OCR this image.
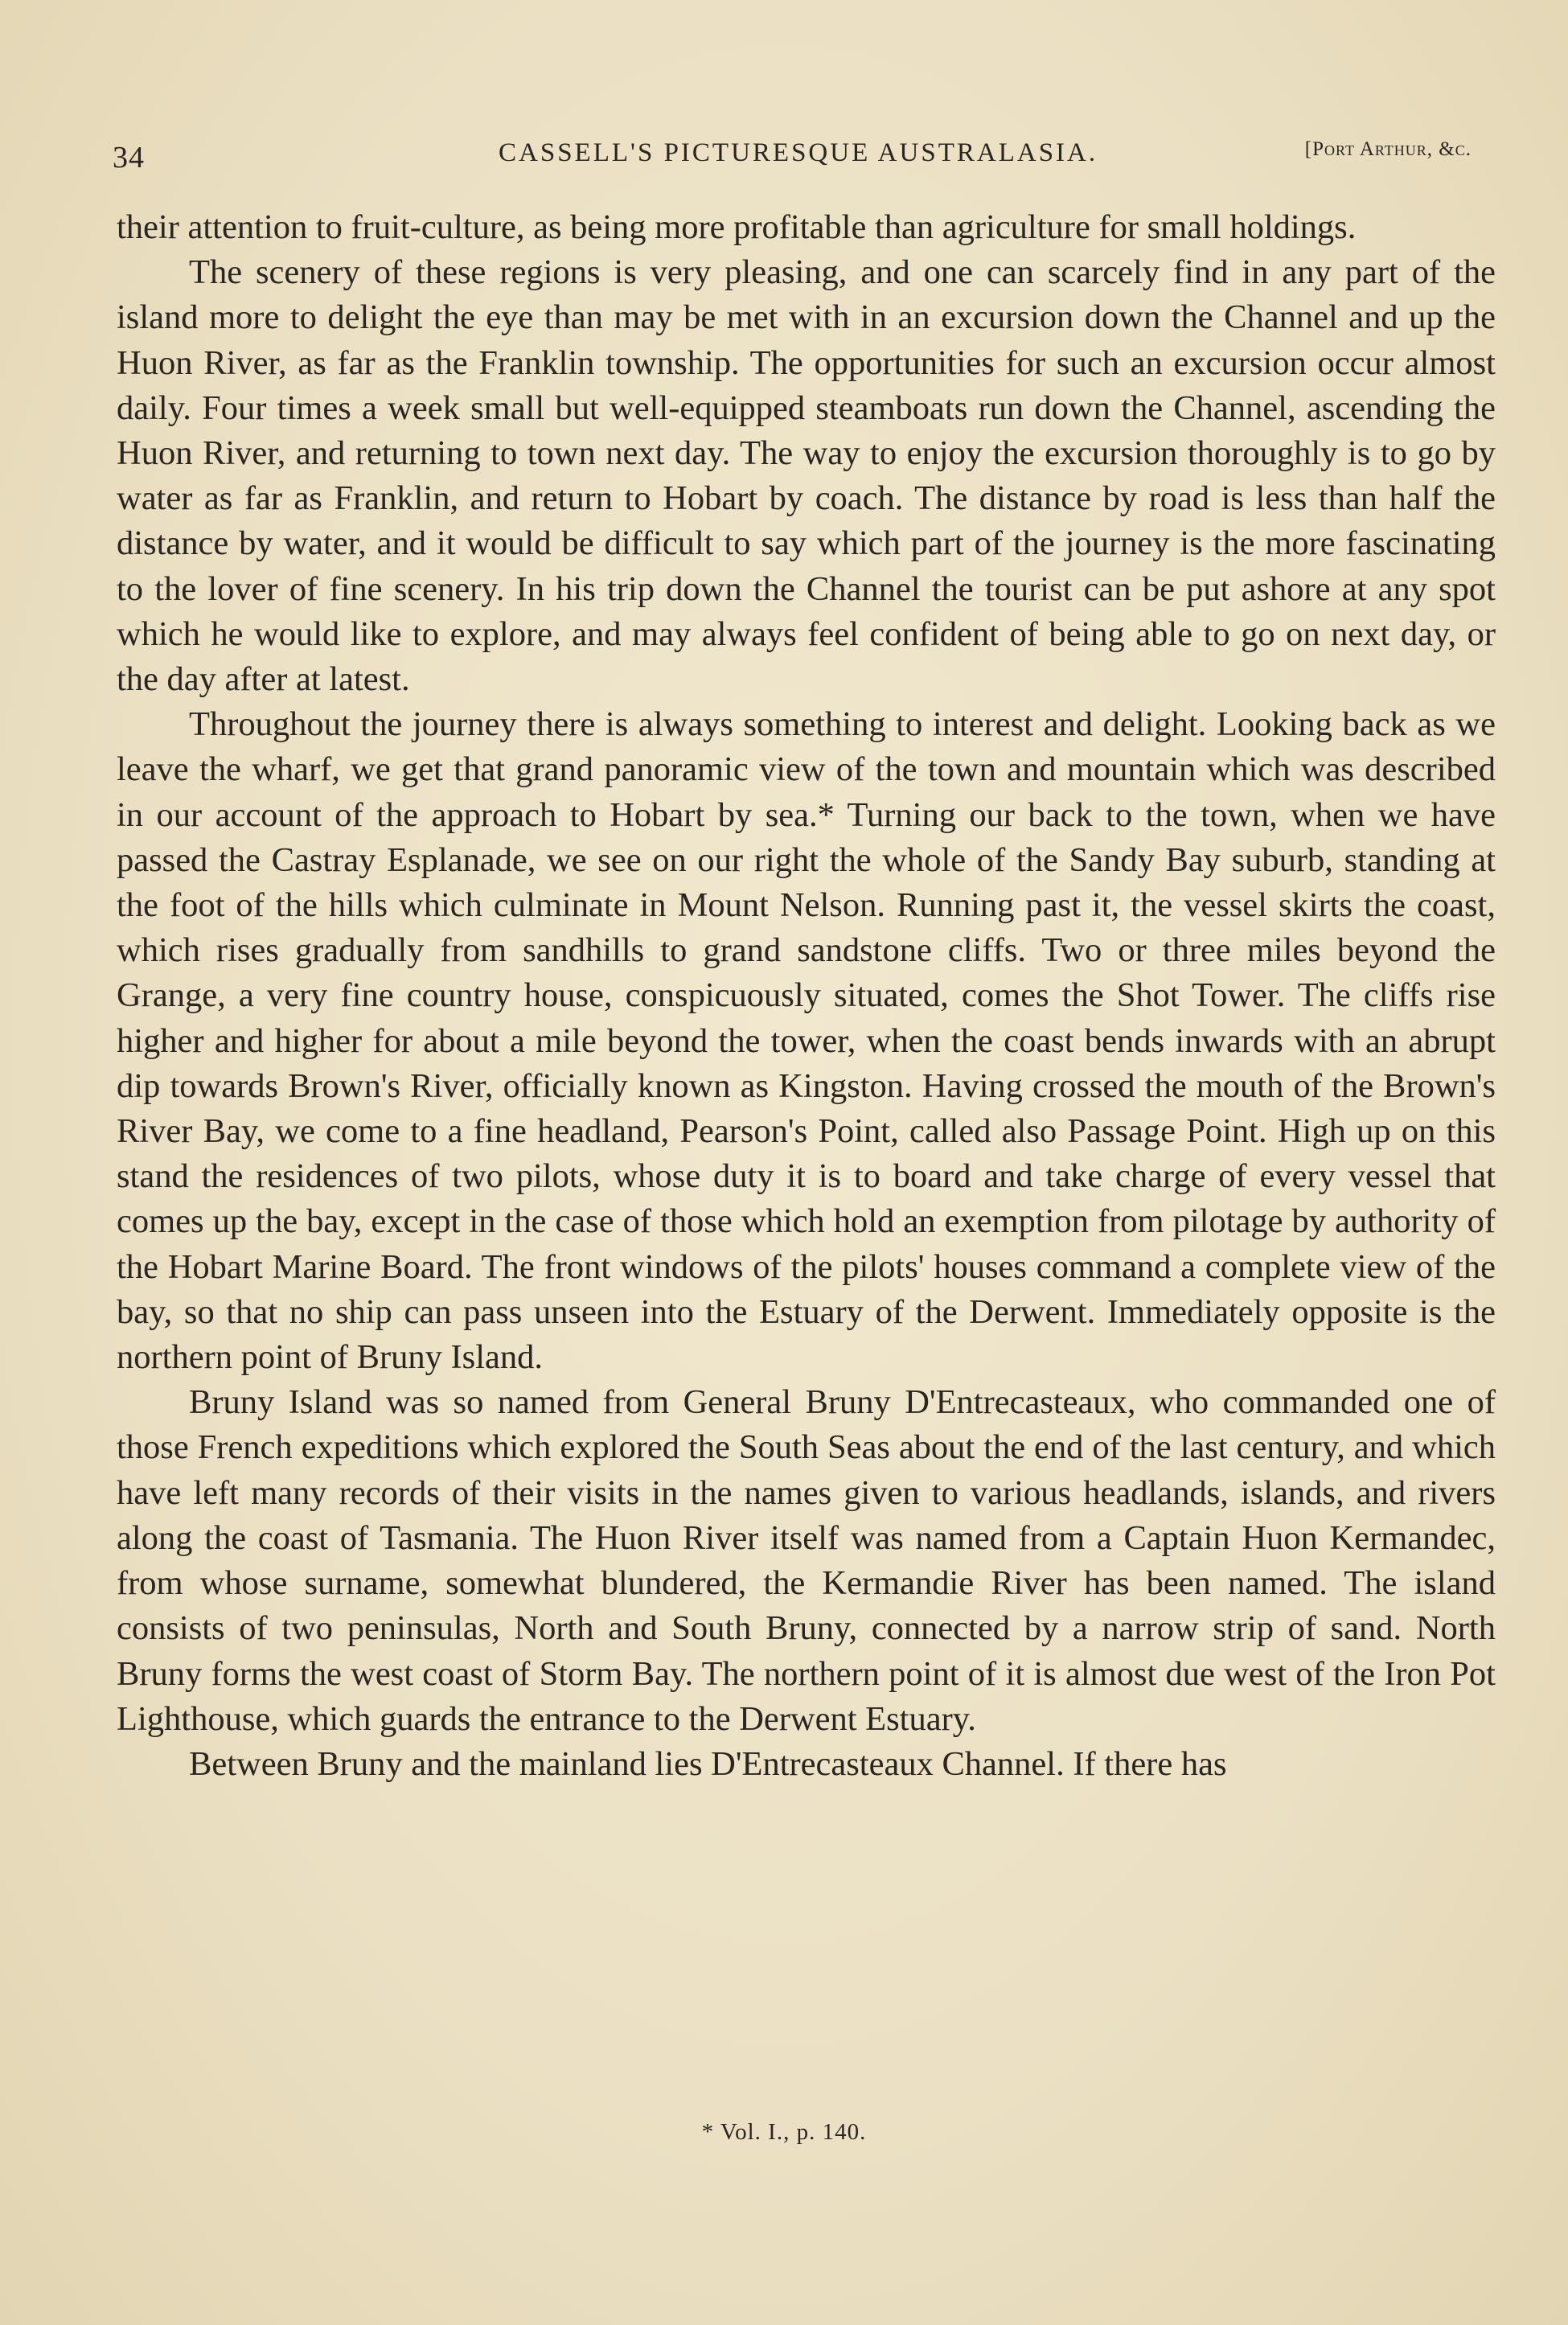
34	CASSELL'S PICTURESQUE AUSTRALASIA.	[Port Arthur, &c.

their attention to fruit-culture, as being more profitable than agriculture for small holdings.

The scenery of these regions is very pleasing, and one can scarcely find in any part of the island more to delight the eye than may be met with in an excursion down the Channel and up the Huon River, as far as the Franklin township. The opportunities for such an excursion occur almost daily. Four times a week small but well-equipped steamboats run down the Channel, ascending the Huon River, and returning to town next day. The way to enjoy the excursion thoroughly is to go by water as far as Franklin, and return to Hobart by coach. The distance by road is less than half the distance by water, and it would be difficult to say which part of the journey is the more fascinating to the lover of fine scenery. In his trip down the Channel the tourist can be put ashore at any spot which he would like to explore, and may always feel confident of being able to go on next day, or the day after at latest.

Throughout the journey there is always something to interest and delight. Looking back as we leave the wharf, we get that grand panoramic view of the town and mountain which was described in our account of the approach to Hobart by sea.* Turning our back to the town, when we have passed the Castray Esplanade, we see on our right the whole of the Sandy Bay suburb, standing at the foot of the hills which culminate in Mount Nelson. Running past it, the vessel skirts the coast, which rises gradually from sandhills to grand sandstone cliffs. Two or three miles beyond the Grange, a very fine country house, conspicuously situated, comes the Shot Tower. The cliffs rise higher and higher for about a mile beyond the tower, when the coast bends inwards with an abrupt dip towards Brown's River, officially known as Kingston. Having crossed the mouth of the Brown's River Bay, we come to a fine headland, Pearson's Point, called also Passage Point. High up on this stand the residences of two pilots, whose duty it is to board and take charge of every vessel that comes up the bay, except in the case of those which hold an exemption from pilotage by authority of the Hobart Marine Board. The front windows of the pilots' houses command a complete view of the bay, so that no ship can pass unseen into the Estuary of the Derwent. Immediately opposite is the northern point of Bruny Island.

Bruny Island was so named from General Bruny D'Entrecasteaux, who commanded one of those French expeditions which explored the South Seas about the end of the last century, and which have left many records of their visits in the names given to various headlands, islands, and rivers along the coast of Tasmania. The Huon River itself was named from a Captain Huon Kermandec, from whose surname, somewhat blundered, the Kermandie River has been named. The island consists of two peninsulas, North and South Bruny, connected by a narrow strip of sand. North Bruny forms the west coast of Storm Bay. The northern point of it is almost due west of the Iron Pot Lighthouse, which guards the entrance to the Derwent Estuary.

Between Bruny and the mainland lies D'Entrecasteaux Channel. If there has

* Vol. I., p. 140.
